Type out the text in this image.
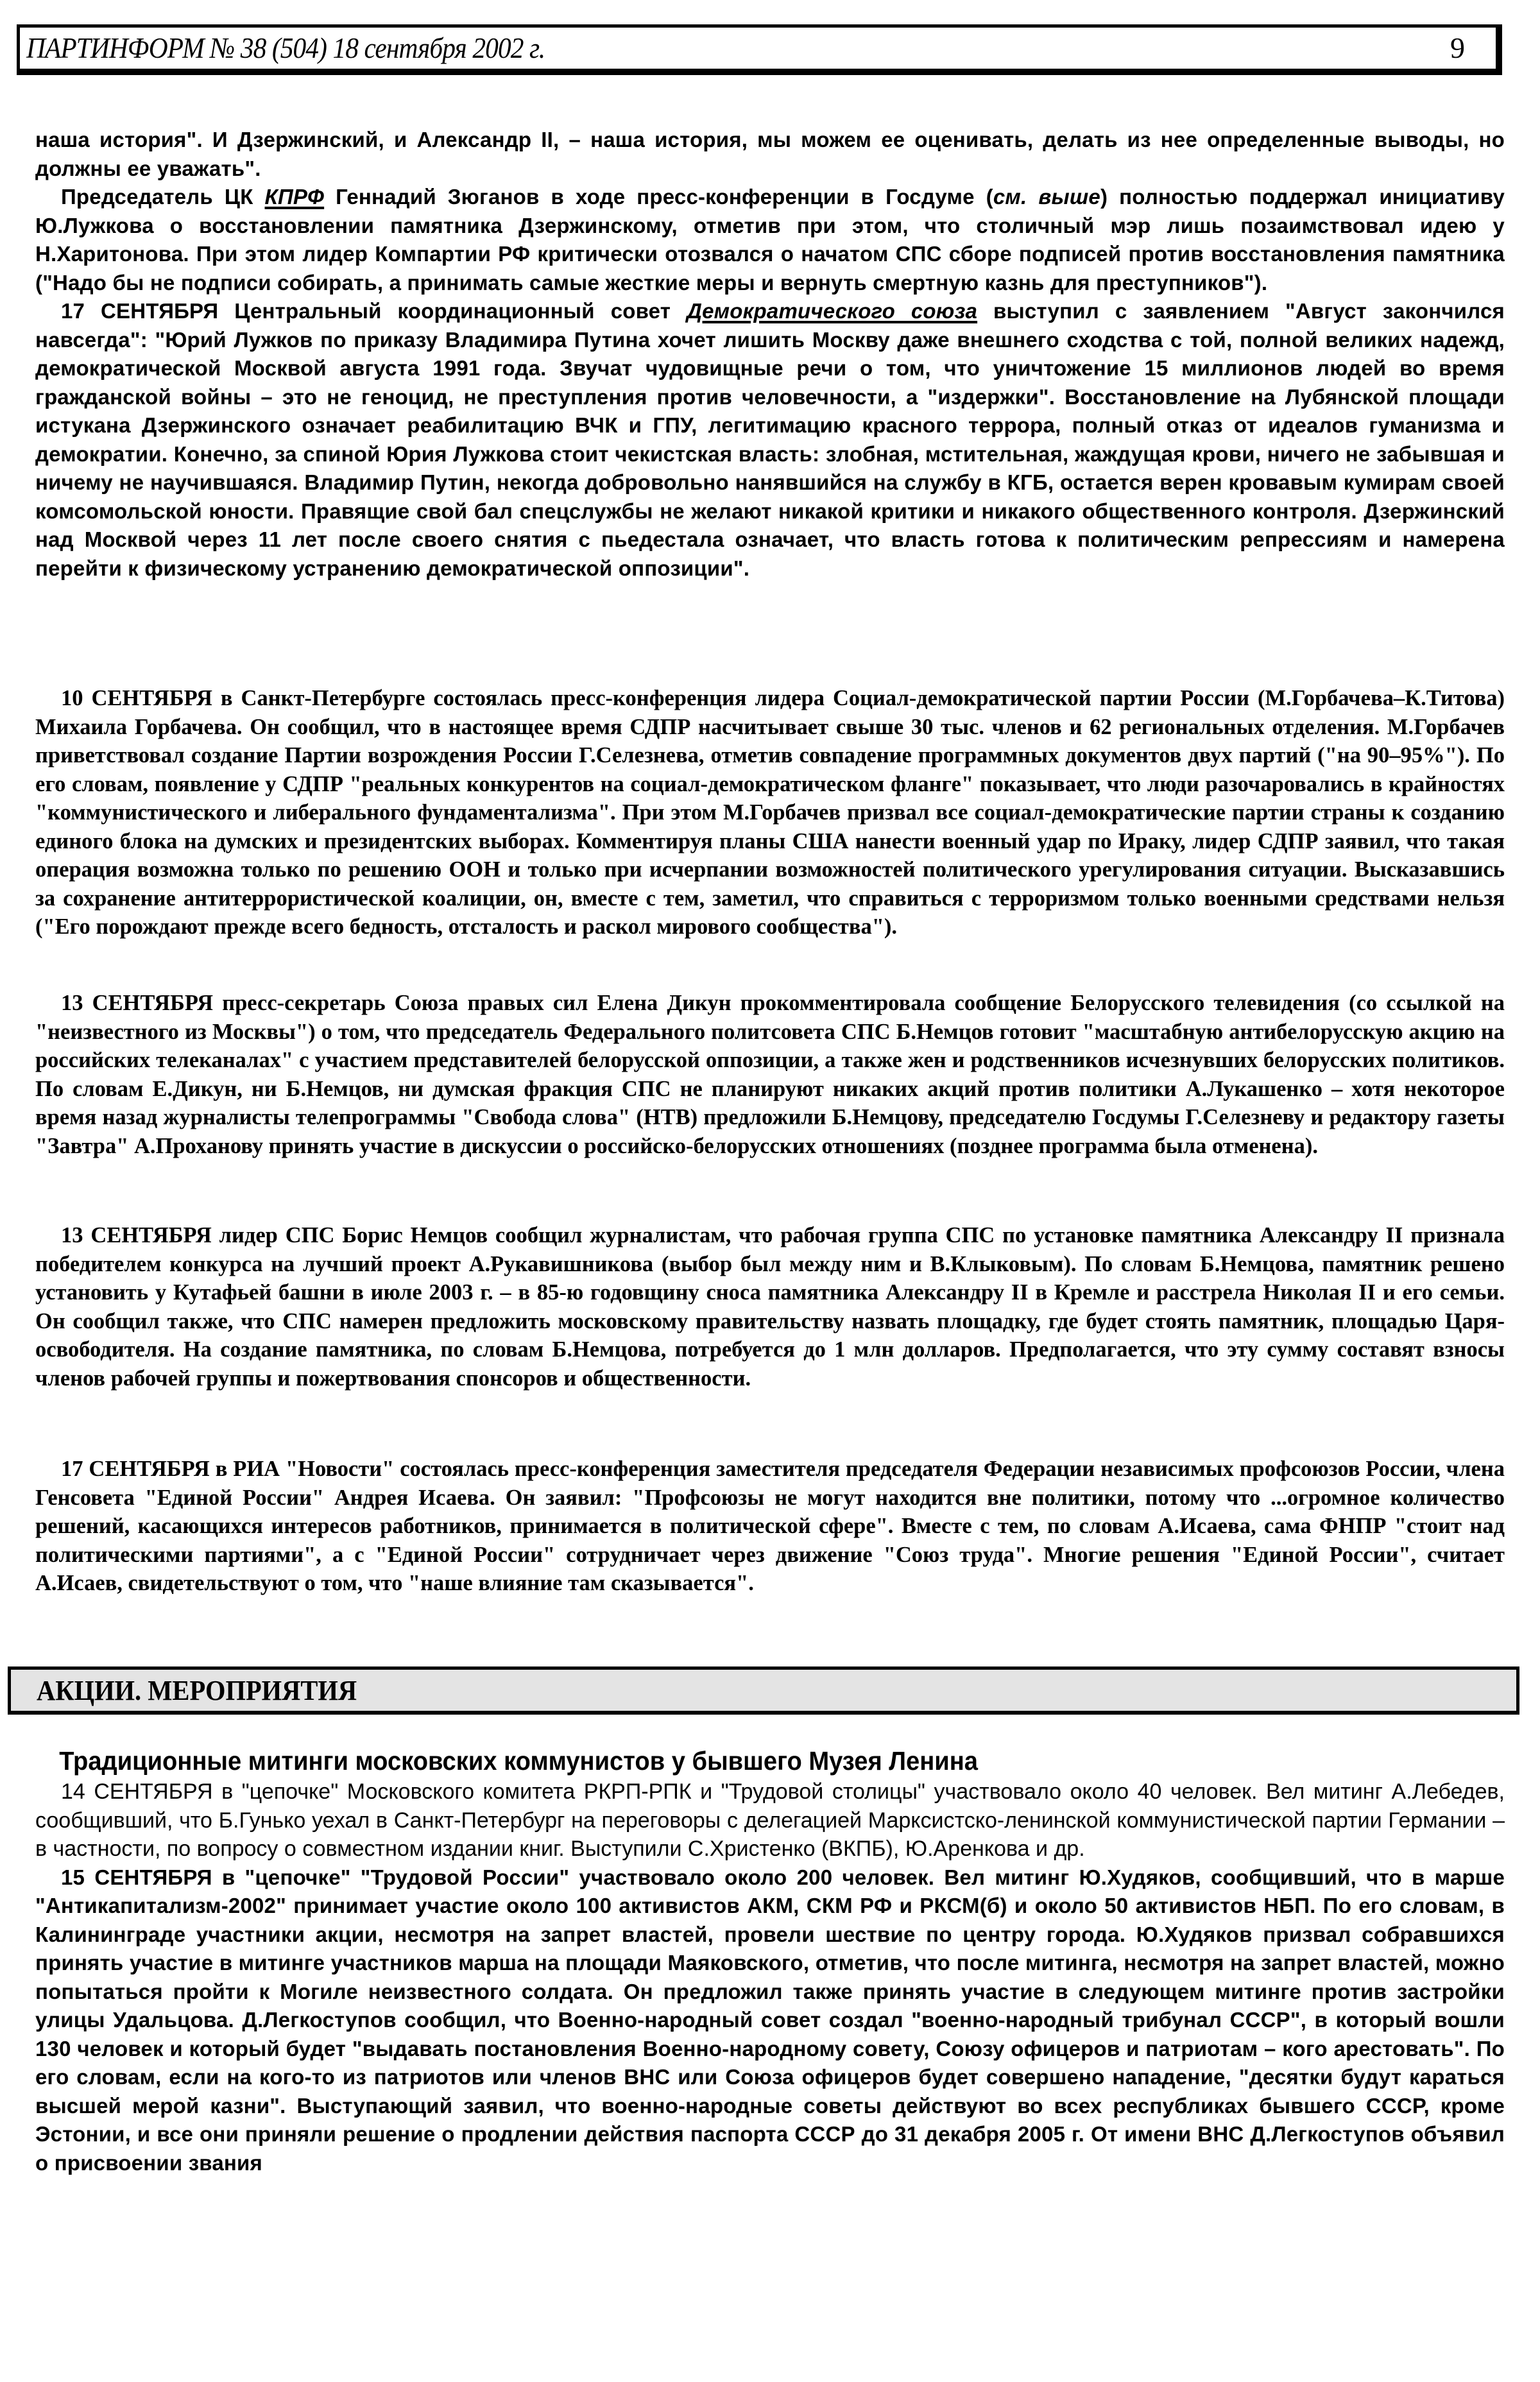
ПАРТИНФОРМ № 38 (504) 18 сентября 2002 г.	9

наша история". И Дзержинский, и Александр II, – наша история, мы можем ее оценивать, делать из нее определенные выводы, но должны ее уважать".

Председатель ЦК КПРФ Геннадий Зюганов в ходе пресс-конференции в Госдуме (см. выше) полностью поддержал инициативу Ю.Лужкова о восстановлении памятника Дзержинскому, отметив при этом, что столичный мэр лишь позаимствовал идею у Н.Харитонова. При этом лидер Компартии РФ критически отозвался о начатом СПС сборе подписей против восстановления памятника ("Надо бы не подписи собирать, а принимать самые жесткие меры и вернуть смертную казнь для преступников").

17 СЕНТЯБРЯ Центральный координационный совет Демократического союза выступил с заявлением "Август закончился навсегда": "Юрий Лужков по приказу Владимира Путина хочет лишить Москву даже внешнего сходства с той, полной великих надежд, демократической Москвой августа 1991 года. Звучат чудовищные речи о том, что уничтожение 15 миллионов людей во время гражданской войны – это не геноцид, не преступления против человечности, а "издержки". Восстановление на Лубянской площади истукана Дзержинского означает реабилитацию ВЧК и ГПУ, легитимацию красного террора, полный отказ от идеалов гуманизма и демократии. Конечно, за спиной Юрия Лужкова стоит чекистская власть: злобная, мстительная, жаждущая крови, ничего не забывшая и ничему не научившаяся. Владимир Путин, некогда добровольно нанявшийся на службу в КГБ, остается верен кровавым кумирам своей комсомольской юности. Правящие свой бал спецслужбы не желают никакой критики и никакого общественного контроля. Дзержинский над Москвой через 11 лет после своего снятия с пьедестала означает, что власть готова к политическим репрессиям и намерена перейти к физическому устранению демократической оппозиции".

10 СЕНТЯБРЯ в Санкт-Петербурге состоялась пресс-конференция лидера Социал-демократической партии России (М.Горбачева–К.Титова) Михаила Горбачева. Он сообщил, что в настоящее время СДПР насчитывает свыше 30 тыс. членов и 62 региональных отделения. М.Горбачев приветствовал создание Партии возрождения России Г.Селезнева, отметив совпадение программных документов двух партий ("на 90–95%"). По его словам, появление у СДПР "реальных конкурентов на социал-демократическом фланге" показывает, что люди разочаровались в крайностях "коммунистического и либерального фундаментализма". При этом М.Горбачев призвал все социал-демократические партии страны к созданию единого блока на думских и президентских выборах. Комментируя планы США нанести военный удар по Ираку, лидер СДПР заявил, что такая операция возможна только по решению ООН и только при исчерпании возможностей политического урегулирования ситуации. Высказавшись за сохранение антитеррористической коалиции, он, вместе с тем, заметил, что справиться с терроризмом только военными средствами нельзя ("Его порождают прежде всего бедность, отсталость и раскол мирового сообщества").

13 СЕНТЯБРЯ пресс-секретарь Союза правых сил Елена Дикун прокомментировала сообщение Белорусского телевидения (со ссылкой на "неизвестного из Москвы") о том, что председатель Федерального политсовета СПС Б.Немцов готовит "масштабную антибелорусскую акцию на российских телеканалах" с участием представителей белорусской оппозиции, а также жен и родственников исчезнувших белорусских политиков. По словам Е.Дикун, ни Б.Немцов, ни думская фракция СПС не планируют никаких акций против политики А.Лукашенко – хотя некоторое время назад журналисты телепрограммы "Свобода слова" (НТВ) предложили Б.Немцову, председателю Госдумы Г.Селезневу и редактору газеты "Завтра" А.Проханову принять участие в дискуссии о российско-белорусских отношениях (позднее программа была отменена).

13 СЕНТЯБРЯ лидер СПС Борис Немцов сообщил журналистам, что рабочая группа СПС по установке памятника Александру II признала победителем конкурса на лучший проект А.Рукавишникова (выбор был между ним и В.Клыковым). По словам Б.Немцова, памятник решено установить у Кутафьей башни в июле 2003 г. – в 85-ю годовщину сноса памятника Александру II в Кремле и расстрела Николая II и его семьи. Он сообщил также, что СПС намерен предложить московскому правительству назвать площадку, где будет стоять памятник, площадью Царя-освободителя. На создание памятника, по словам Б.Немцова, потребуется до 1 млн долларов. Предполагается, что эту сумму составят взносы членов рабочей группы и пожертвования спонсоров и общественности.

17 СЕНТЯБРЯ в РИА "Новости" состоялась пресс-конференция заместителя председателя Федерации независимых профсоюзов России, члена Генсовета "Единой России" Андрея Исаева. Он заявил: "Профсоюзы не могут находится вне политики, потому что ...огромное количество решений, касающихся интересов работников, принимается в политической сфере". Вместе с тем, по словам А.Исаева, сама ФНПР "стоит над политическими партиями", а с "Единой России" сотрудничает через движение "Союз труда". Многие решения "Единой России", считает А.Исаев, свидетельствуют о том, что "наше влияние там сказывается".

АКЦИИ. МЕРОПРИЯТИЯ
Традиционные митинги московских коммунистов у бывшего Музея Ленина

14 СЕНТЯБРЯ в "цепочке" Московского комитета РКРП-РПК и "Трудовой столицы" участвовало около 40 человек. Вел митинг А.Лебедев, сообщивший, что Б.Гунько уехал в Санкт-Петербург на переговоры с делегацией Марксистско-ленинской коммунистической партии Германии – в частности, по вопросу о совместном издании книг. Выступили С.Христенко (ВКПБ), Ю.Аренкова и др.

15 СЕНТЯБРЯ в "цепочке" "Трудовой России" участвовало около 200 человек. Вел митинг Ю.Худяков, сообщивший, что в марше "Антикапитализм-2002" принимает участие около 100 активистов АКМ, СКМ РФ и РКСМ(б) и около 50 активистов НБП. По его словам, в Калининграде участники акции, несмотря на запрет властей, провели шествие по центру города. Ю.Худяков призвал собравшихся принять участие в митинге участников марша на площади Маяковского, отметив, что после митинга, несмотря на запрет властей, можно попытаться пройти к Могиле неизвестного солдата. Он предложил также принять участие в следующем митинге против застройки улицы Удальцова. Д.Легкоступов сообщил, что Военно-народный совет создал "военно-народный трибунал СССР", в который вошли 130 человек и который будет "выдавать постановления Военно-народному совету, Союзу офицеров и патриотам – кого арестовать". По его словам, если на кого-то из патриотов или членов ВНС или Союза офицеров будет совершено нападение, "десятки будут караться высшей мерой казни". Выступающий заявил, что военно-народные советы действуют во всех республиках бывшего СССР, кроме Эстонии, и все они приняли решение о продлении действия паспорта СССР до 31 декабря 2005 г. От имени ВНС Д.Легкоступов объявил о присвоении звания
